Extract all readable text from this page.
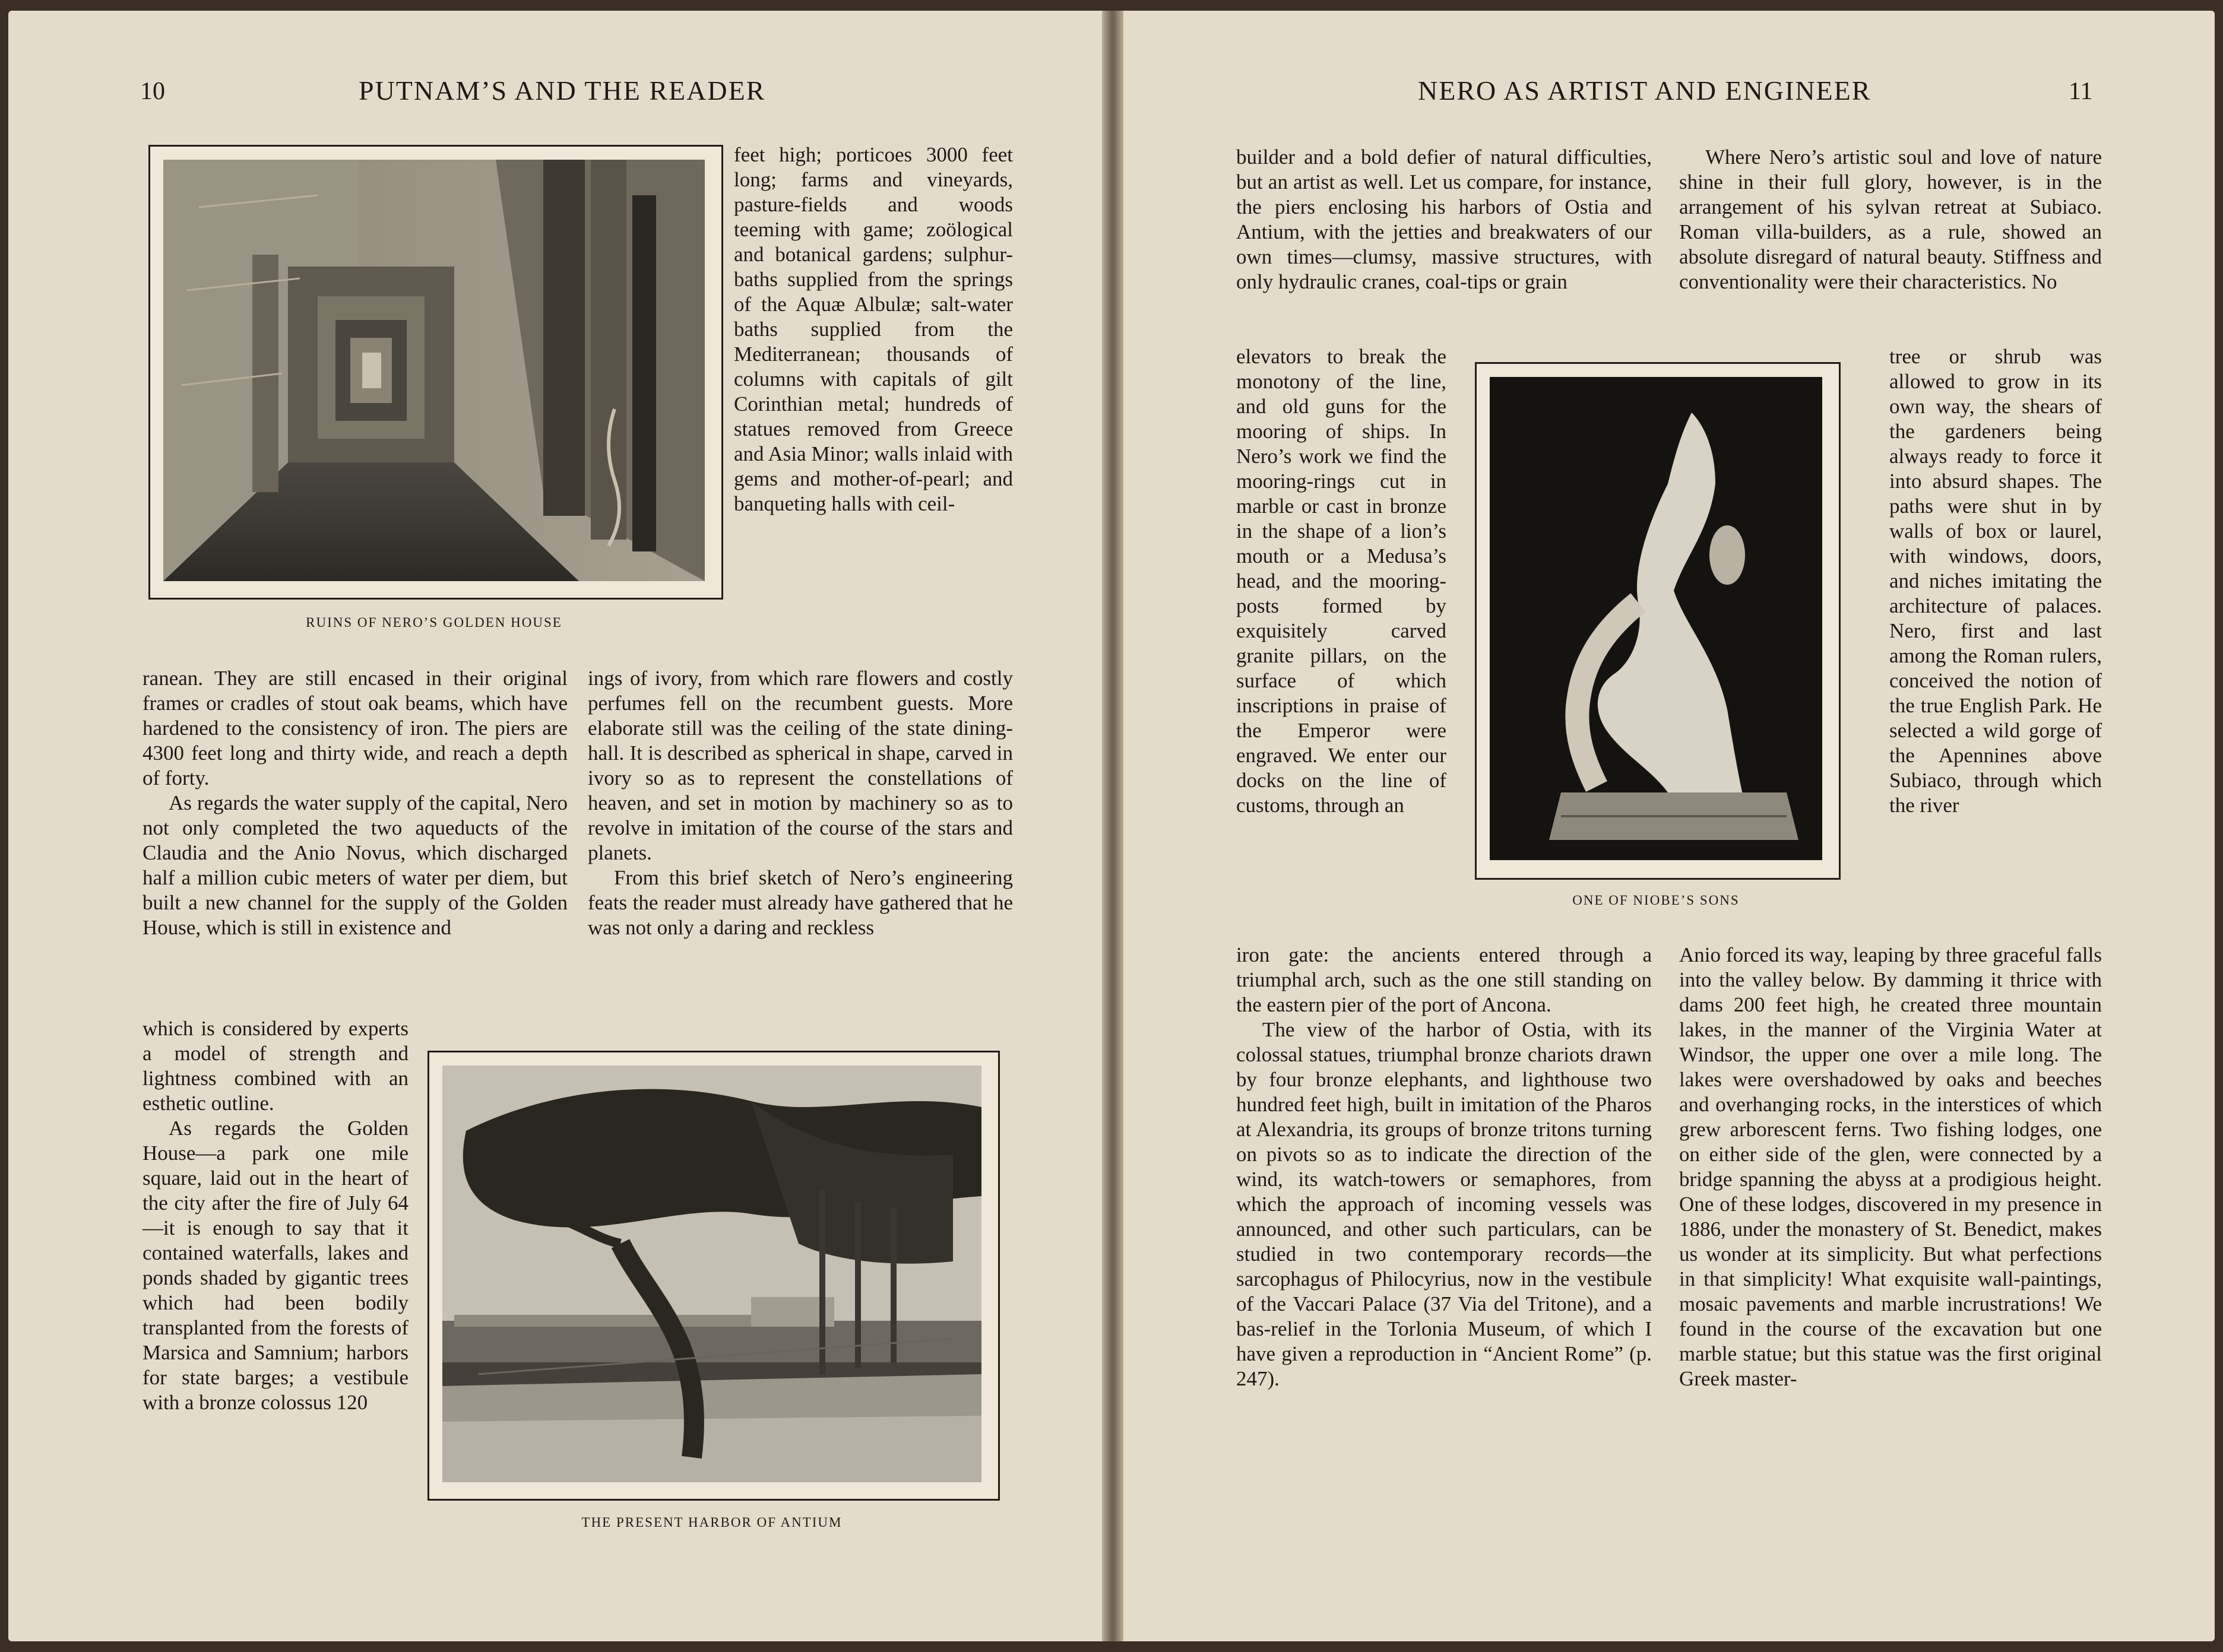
10	PUTNAM’S AND THE READER
RUINS OF NERO’S GOLDEN HOUSE

feet high; porticoes 3000 feet long; farms and vineyards, pasture-fields and woods teeming with game; zoölogical and botanical gardens; sulphur-baths supplied from the springs of the Aquæ Albulæ; salt-water baths supplied from the Mediterranean; thousands of columns with capitals of gilt Corinthian metal; hundreds of statues removed from Greece and Asia Minor; walls inlaid with gems and mother-of-pearl; and banqueting halls with ceil-

ranean. They are still encased in their original frames or cradles of stout oak beams, which have hardened to the consistency of iron. The piers are 4300 feet long and thirty wide, and reach a depth of forty.

As regards the water supply of the capital, Nero not only completed the two aqueducts of the Claudia and the Anio Novus, which discharged half a million cubic meters of water per diem, but built a new channel for the supply of the Golden House, which is still in existence and

ings of ivory, from which rare flowers and costly perfumes fell on the recumbent guests. More elaborate still was the ceiling of the state dining-hall. It is described as spherical in shape, carved in ivory so as to represent the constellations of heaven, and set in motion by machinery so as to revolve in imitation of the course of the stars and planets.

From this brief sketch of Nero’s engineering feats the reader must already have gathered that he was not only a daring and reckless

which is considered by experts a model of strength and lightness combined with an esthetic outline.

As regards the Golden House—a park one mile square, laid out in the heart of the city after the fire of July 64—it is enough to say that it contained waterfalls, lakes and ponds shaded by gigantic trees which had been bodily transplanted from the forests of Marsica and Samnium; harbors for state barges; a vestibule with a bronze colossus 120

THE PRESENT HARBOR OF ANTIUM
NERO AS ARTIST AND ENGINEER	11

builder and a bold defier of natural difficulties, but an artist as well. Let us compare, for instance, the piers enclosing his harbors of Ostia and Antium, with the jetties and breakwaters of our own times—clumsy, massive structures, with only hydraulic cranes, coal-tips or grain

Where Nero’s artistic soul and love of nature shine in their full glory, however, is in the arrangement of his sylvan retreat at Subiaco. Roman villa-builders, as a rule, showed an absolute disregard of natural beauty. Stiffness and conventionality were their characteristics. No

elevators to break the monotony of the line, and old guns for the mooring of ships. In Nero’s work we find the mooring-rings cut in marble or cast in bronze in the shape of a lion’s mouth or a Medusa’s head, and the mooring-posts formed by exquisitely carved granite pillars, on the surface of which inscriptions in praise of the Emperor were engraved. We enter our docks on the line of customs, through an

ONE OF NIOBE’S SONS

tree or shrub was allowed to grow in its own way, the shears of the gardeners being always ready to force it into absurd shapes. The paths were shut in by walls of box or laurel, with windows, doors, and niches imitating the architecture of palaces. Nero, first and last among the Roman rulers, conceived the notion of the true English Park. He selected a wild gorge of the Apennines above Subiaco, through which the river

iron gate: the ancients entered through a triumphal arch, such as the one still standing on the eastern pier of the port of Ancona.

The view of the harbor of Ostia, with its colossal statues, triumphal bronze chariots drawn by four bronze elephants, and lighthouse two hundred feet high, built in imitation of the Pharos at Alexandria, its groups of bronze tritons turning on pivots so as to indicate the direction of the wind, its watch-towers or semaphores, from which the approach of incoming vessels was announced, and other such particulars, can be studied in two contemporary records—the sarcophagus of Philocyrius, now in the vestibule of the Vaccari Palace (37 Via del Tritone), and a bas-relief in the Torlonia Museum, of which I have given a reproduction in “Ancient Rome” (p. 247).

Anio forced its way, leaping by three graceful falls into the valley below. By damming it thrice with dams 200 feet high, he created three mountain lakes, in the manner of the Virginia Water at Windsor, the upper one over a mile long. The lakes were overshadowed by oaks and beeches and overhanging rocks, in the interstices of which grew arborescent ferns. Two fishing lodges, one on either side of the glen, were connected by a bridge spanning the abyss at a prodigious height. One of these lodges, discovered in my presence in 1886, under the monastery of St. Benedict, makes us wonder at its simplicity. But what perfections in that simplicity! What exquisite wall-paintings, mosaic pavements and marble incrustrations! We found in the course of the excavation but one marble statue; but this statue was the first original Greek master-
